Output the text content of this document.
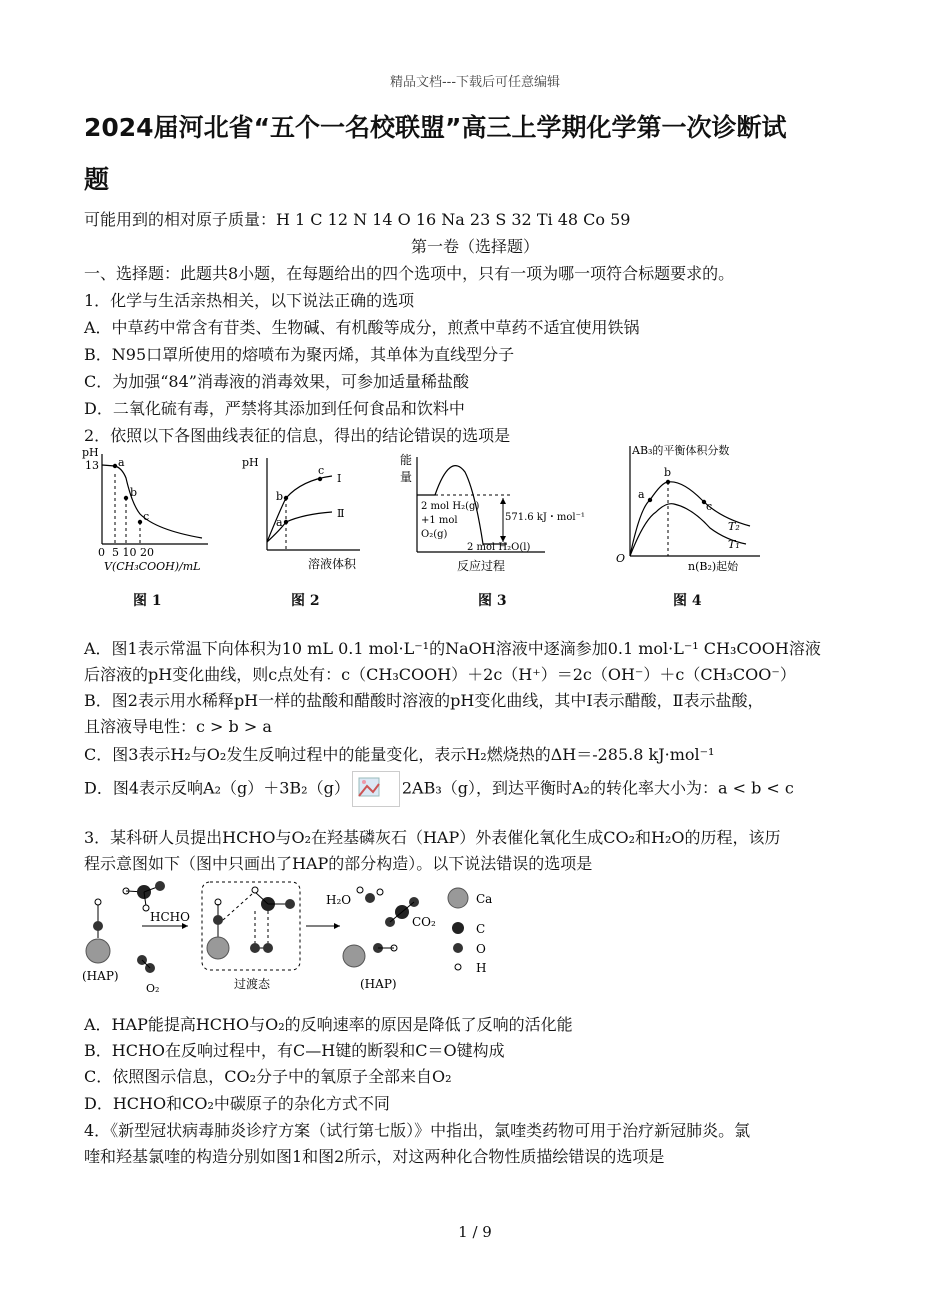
精品文档---下载后可任意编辑
2024届河北省“五个一名校联盟”高三上学期化学第一次诊断试
题
可能用到的相对原子质量：H 1 C 12 N 14 O 16 Na 23 S 32 Ti 48 Co 59
第一卷（选择题）
一、选择题：此题共8小题，在每题给出的四个选项中，只有一项为哪一项符合标题要求的。
1．化学与生活亲热相关，以下说法正确的选项
A．中草药中常含有苷类、生物碱、有机酸等成分，煎煮中草药不适宜使用铁锅
B．N95口罩所使用的熔喷布为聚丙烯，其单体为直线型分子
C．为加强“84”消毒液的消毒效果，可参加适量稀盐酸
D．二氧化硫有毒，严禁将其添加到任何食品和饮料中
2．依照以下各图曲线表征的信息，得出的结论错误的选项是
pH
13 a
b
c
0  5 10 20
V(CH₃COOH)/mL
图 1
pH
b
a
c
Ⅰ
Ⅱ
溶液体积
图 2
能
量
2 mol H₂(g)
+1 mol
O₂(g)
571.6 kJ・mol⁻¹
2 mol H₂O(l)
反应过程
图 3
AB₃的平衡体积分数
a
b
c
T₂
T₁
O
n(B₂)起始
图 4
A．图1表示常温下向体积为10 mL 0.1 mol·L⁻¹的NaOH溶液中逐滴参加0.1 mol·L⁻¹ CH₃COOH溶液
后溶液的pH变化曲线，则c点处有：c（CH₃COOH）＋2c（H⁺）＝2c（OH⁻）＋c（CH₃COO⁻）
B．图2表示用水稀释pH一样的盐酸和醋酸时溶液的pH变化曲线，其中Ⅰ表示醋酸，Ⅱ表示盐酸，
且溶液导电性：c > b > a
C．图3表示H₂与O₂发生反响过程中的能量变化，表示H₂燃烧热的ΔH＝-285.8 kJ·mol⁻¹
D．图4表示反响A₂（g）＋3B₂（g）	2AB₃（g），到达平衡时A₂的转化率大小为：a < b < c
3．某科研人员提出HCHO与O₂在羟基磷灰石（HAP）外表催化氧化生成CO₂和H₂O的历程，该历
程示意图如下（图中只画出了HAP的部分构造）。以下说法错误的选项是
(HAP)
HCHO
O₂	过渡态
H₂O
CO₂
(HAP)
Ca
C
O
H
A．HAP能提高HCHO与O₂的反响速率的原因是降低了反响的活化能
B．HCHO在反响过程中，有C—H键的断裂和C＝O键构成
C．依照图示信息，CO₂分子中的氧原子全部来自O₂
D．HCHO和CO₂中碳原子的杂化方式不同
4．《新型冠状病毒肺炎诊疗方案（试行第七版）》中指出，氯喹类药物可用于治疗新冠肺炎。氯
喹和羟基氯喹的构造分别如图1和图2所示，对这两种化合物性质描绘错误的选项是
1 / 9
